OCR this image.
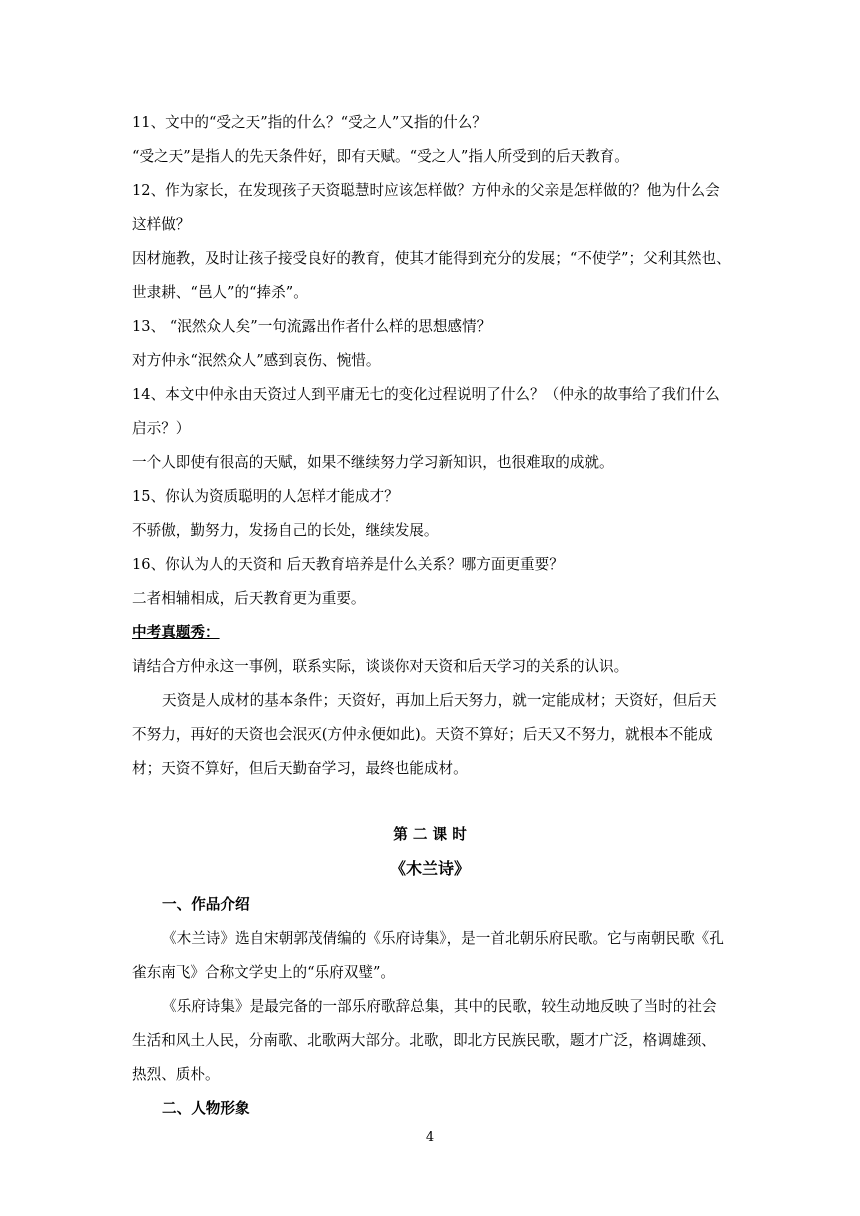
11、文中的“受之天”指的什么？“受之人”又指的什么？
“受之天”是指人的先天条件好，即有天赋。“受之人”指人所受到的后天教育。
12、作为家长，在发现孩子天资聪慧时应该怎样做？方仲永的父亲是怎样做的？他为什么会
这样做？
因材施教，及时让孩子接受良好的教育，使其才能得到充分的发展；“不使学”；父利其然也、
世隶耕、“邑人”的“捧杀”。
13、 “泯然众人矣”一句流露出作者什么样的思想感情？
对方仲永“泯然众人”感到哀伤、惋惜。
14、本文中仲永由天资过人到平庸无七的变化过程说明了什么？（仲永的故事给了我们什么
启示？）
一个人即使有很高的天赋，如果不继续努力学习新知识，也很难取的成就。
15、你认为资质聪明的人怎样才能成才？
不骄傲，勤努力，发扬自己的长处，继续发展。
16、你认为人的天资和 后天教育培养是什么关系？哪方面更重要？
二者相辅相成，后天教育更为重要。
中考真题秀：
请结合方仲永这一事例，联系实际，谈谈你对天资和后天学习的关系的认识。
天资是人成材的基本条件；天资好，再加上后天努力，就一定能成材；天资好，但后天
不努力，再好的天资也会泯灭(方仲永便如此)。天资不算好；后天又不努力，就根本不能成
材；天资不算好，但后天勤奋学习，最终也能成材。
第 二 课 时
《木兰诗》
一、作品介绍
《木兰诗》选自宋朝郭茂倩编的《乐府诗集》，是一首北朝乐府民歌。它与南朝民歌《孔
雀东南飞》合称文学史上的“乐府双璧”。
《乐府诗集》是最完备的一部乐府歌辞总集，其中的民歌，较生动地反映了当时的社会
生活和风土人民，分南歌、北歌两大部分。北歌，即北方民族民歌，题才广泛，格调雄颈、
热烈、质朴。
二、人物形象
4
